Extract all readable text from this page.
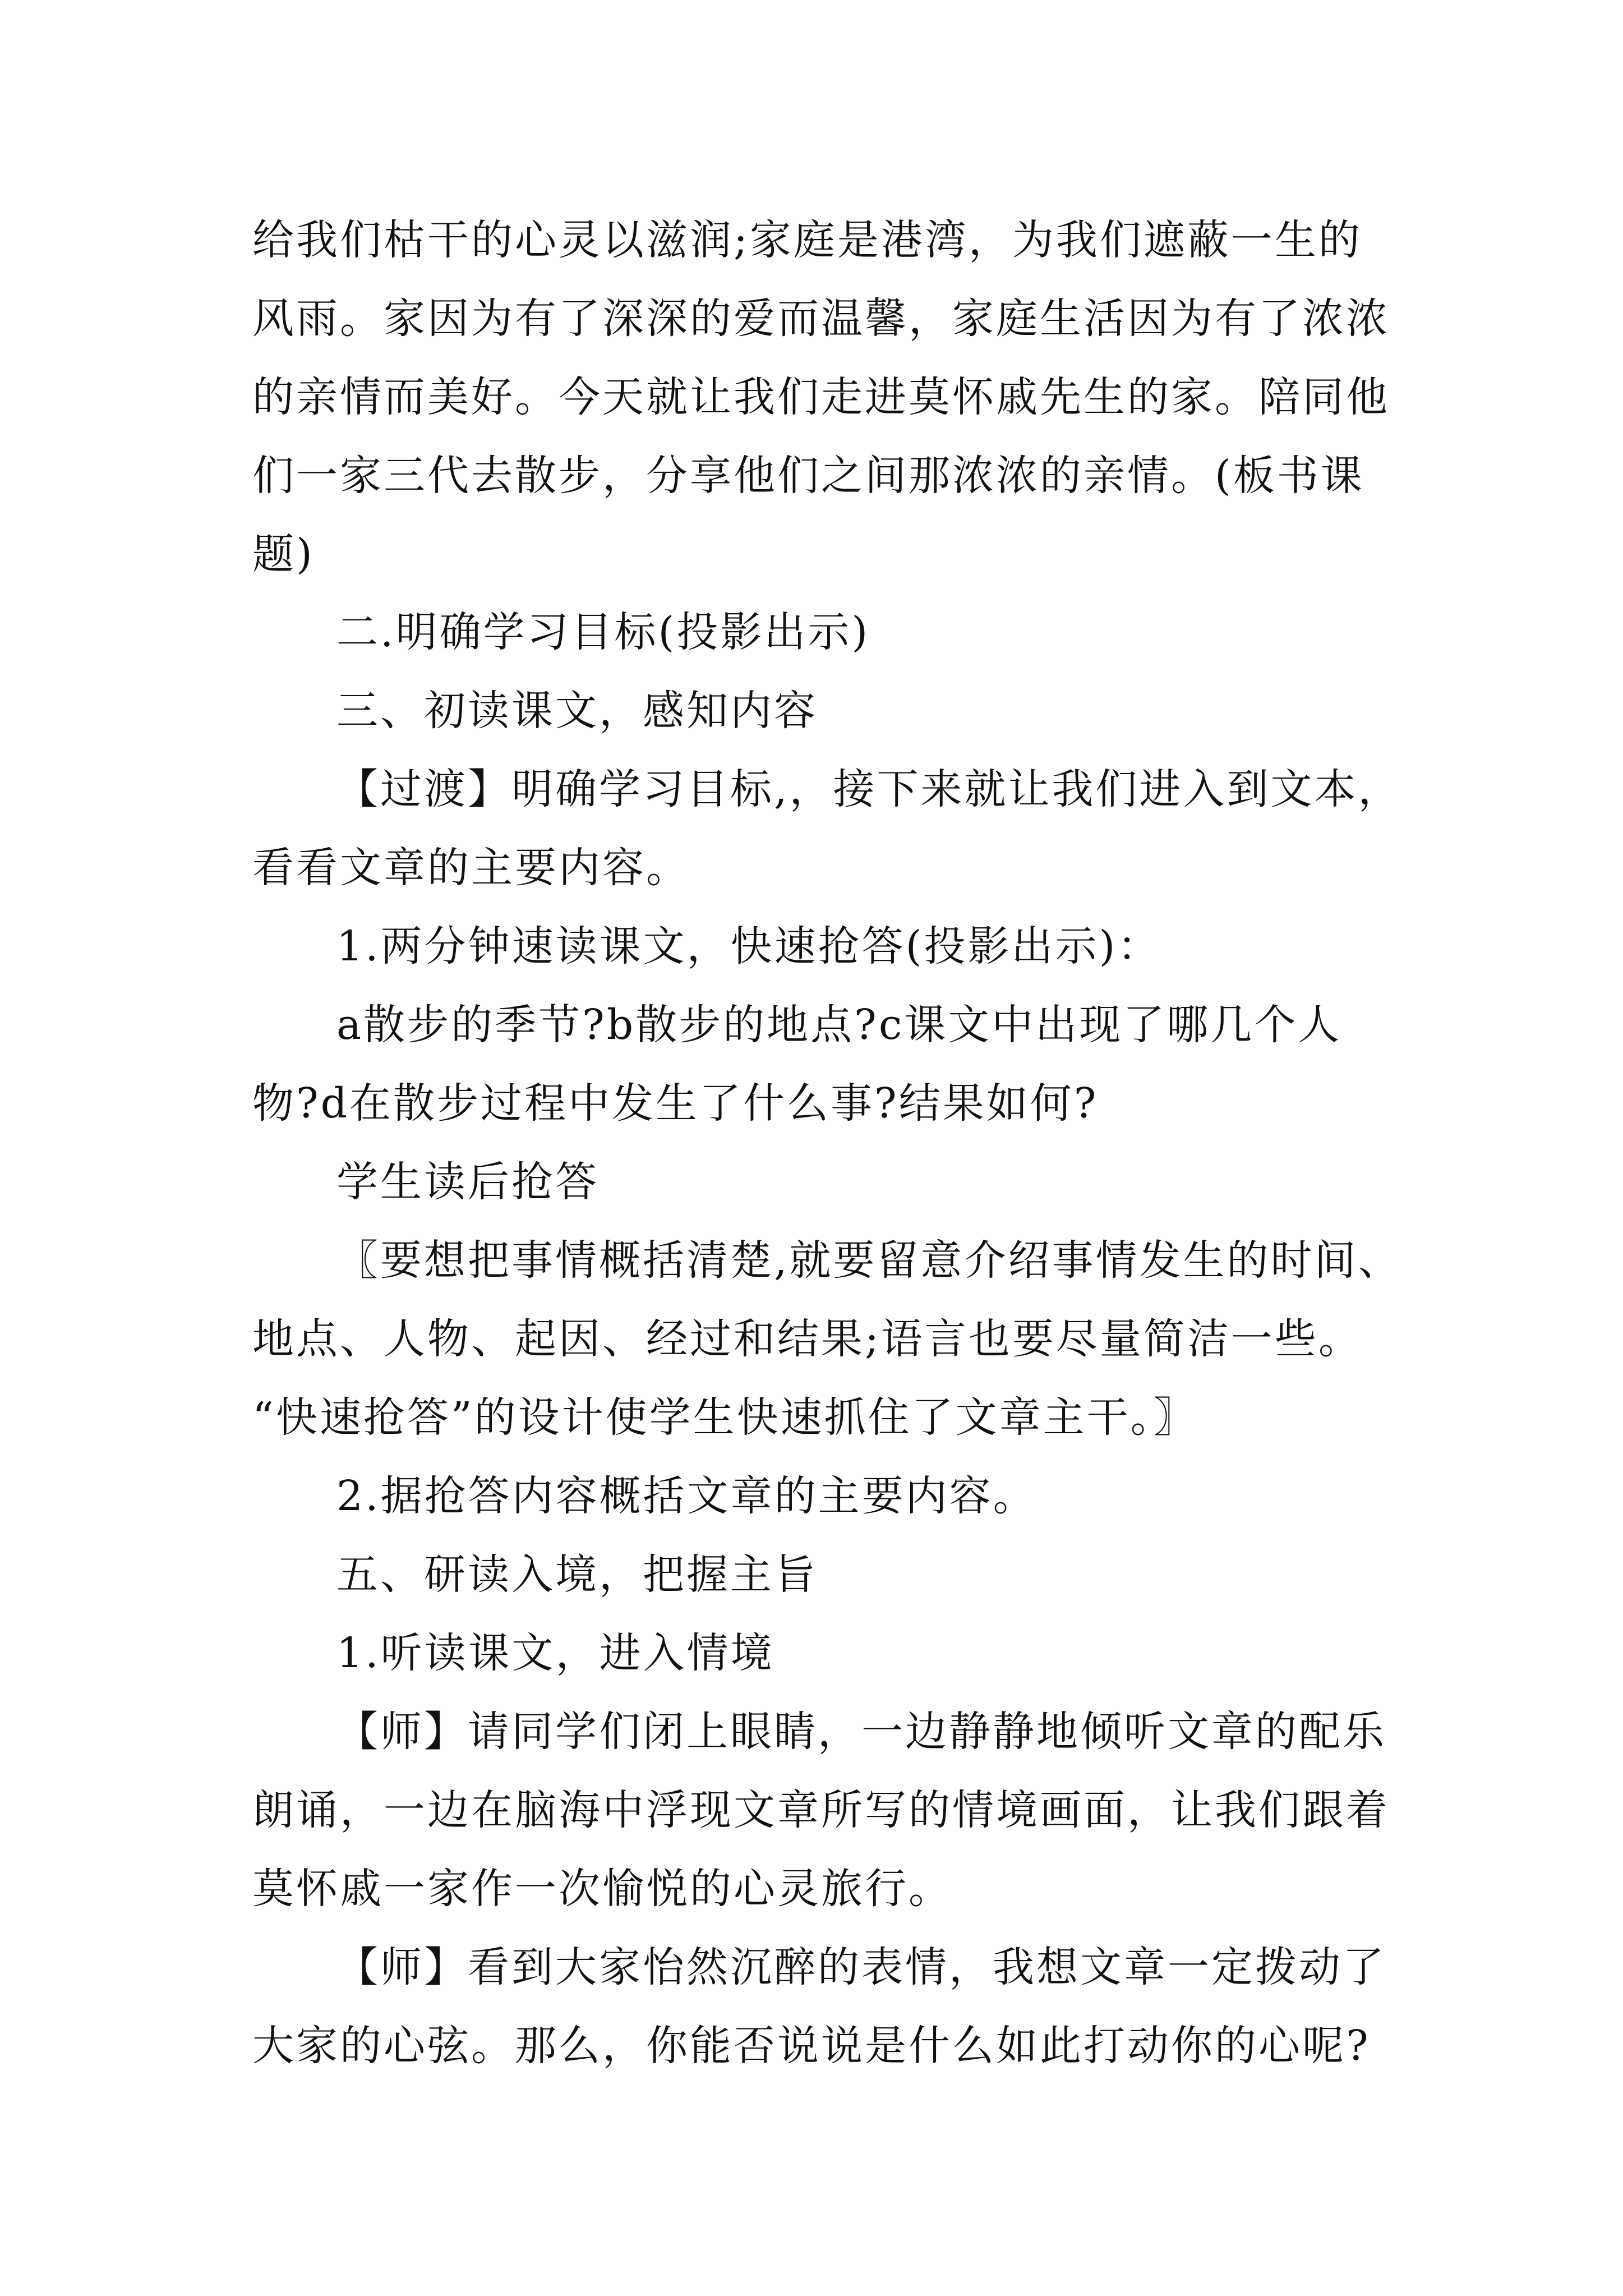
给我们枯干的心灵以滋润;家庭是港湾，为我们遮蔽一生的
风雨。家因为有了深深的爱而温馨，家庭生活因为有了浓浓
的亲情而美好。今天就让我们走进莫怀戚先生的家。陪同他
们一家三代去散步，分享他们之间那浓浓的亲情。(板书课
题)
二.明确学习目标(投影出示)
三、初读课文，感知内容
【过渡】明确学习目标,，接下来就让我们进入到文本，
看看文章的主要内容。
1.两分钟速读课文，快速抢答(投影出示)：
a散步的季节?b散步的地点?c课文中出现了哪几个人
物?d在散步过程中发生了什么事?结果如何?
学生读后抢答
〖要想把事情概括清楚,就要留意介绍事情发生的时间、
地点、人物、起因、经过和结果;语言也要尽量简洁一些。
“快速抢答”的设计使学生快速抓住了文章主干。〗
2.据抢答内容概括文章的主要内容。
五、研读入境，把握主旨
1.听读课文，进入情境
【师】请同学们闭上眼睛，一边静静地倾听文章的配乐
朗诵，一边在脑海中浮现文章所写的情境画面，让我们跟着
莫怀戚一家作一次愉悦的心灵旅行。
【师】看到大家怡然沉醉的表情，我想文章一定拨动了
大家的心弦。那么，你能否说说是什么如此打动你的心呢?
